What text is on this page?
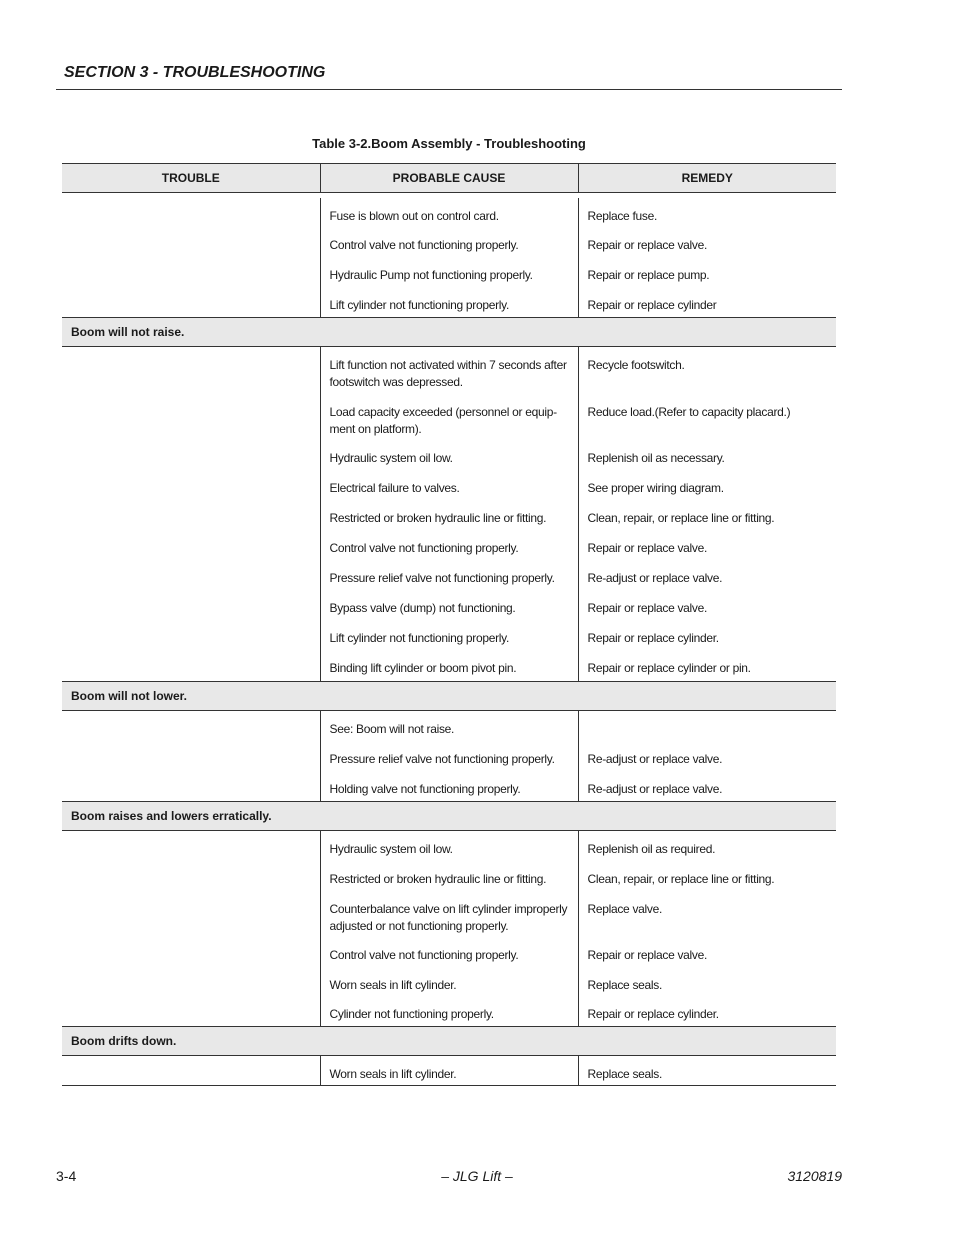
SECTION 3 - TROUBLESHOOTING
Table 3-2.Boom Assembly - Troubleshooting
TROUBLE	PROBABLE CAUSE	REMEDY

	Fuse is blown out on control card.	Replace fuse.

	Control valve not functioning properly.	Repair or replace valve.

	Hydraulic Pump not functioning properly.	Repair or replace pump.

	Lift cylinder not functioning properly.	Repair or replace cylinder

Boom will not raise.		

	Lift function not activated within 7 seconds after footswitch was depressed.	Recycle footswitch.

	Load capacity exceeded (personnel or equip-ment on platform).	Reduce load.(Refer to capacity placard.)

	Hydraulic system oil low.	Replenish oil as necessary.

	Electrical failure to valves.	See proper wiring diagram.

	Restricted or broken hydraulic line or fitting.	Clean, repair, or replace line or fitting.

	Control valve not functioning properly.	Repair or replace valve.

	Pressure relief valve not functioning properly.	Re-adjust or replace valve.

	Bypass valve (dump) not functioning.	Repair or replace valve.

	Lift cylinder not functioning properly.	Repair or replace cylinder.

	Binding lift cylinder or boom pivot pin.	Repair or replace cylinder or pin.

Boom will not lower.		

	See: Boom will not raise.	

	Pressure relief valve not functioning properly.	Re-adjust or replace valve.

	Holding valve not functioning properly.	Re-adjust or replace valve.

Boom raises and lowers erratically.		

	Hydraulic system oil low.	Replenish oil as required.

	Restricted or broken hydraulic line or fitting.	Clean, repair, or replace line or fitting.

	Counterbalance valve on lift cylinder improperly adjusted or not functioning properly.	Replace valve.

	Control valve not functioning properly.	Repair or replace valve.

	Worn seals in lift cylinder.	Replace seals.

	Cylinder not functioning properly.	Repair or replace cylinder.

Boom drifts down.		

	Worn seals in lift cylinder.	Replace seals.
3-4	– JLG Lift –	3120819
